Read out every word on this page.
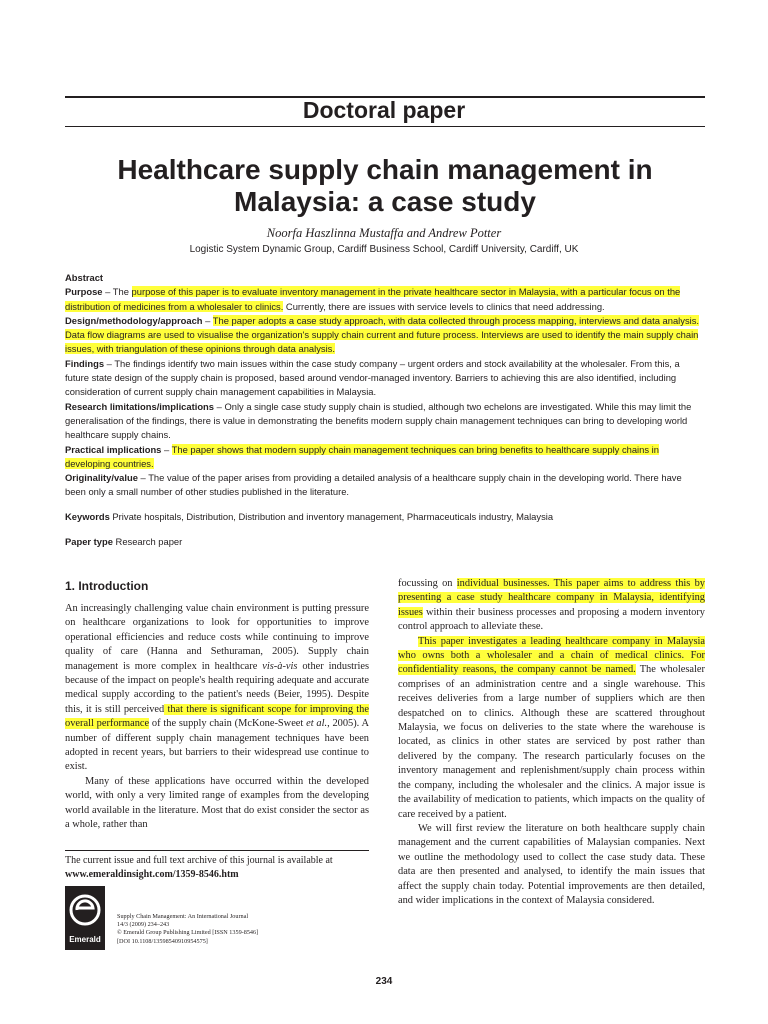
Doctoral paper
Healthcare supply chain management in Malaysia: a case study
Noorfa Haszlinna Mustaffa and Andrew Potter
Logistic System Dynamic Group, Cardiff Business School, Cardiff University, Cardiff, UK
Abstract

Purpose – The purpose of this paper is to evaluate inventory management in the private healthcare sector in Malaysia, with a particular focus on the distribution of medicines from a wholesaler to clinics. Currently, there are issues with service levels to clinics that need addressing.

Design/methodology/approach – The paper adopts a case study approach, with data collected through process mapping, interviews and data analysis. Data flow diagrams are used to visualise the organization's supply chain current and future process. Interviews are used to identify the main supply chain issues, with triangulation of these opinions through data analysis.

Findings – The findings identify two main issues within the case study company – urgent orders and stock availability at the wholesaler. From this, a future state design of the supply chain is proposed, based around vendor-managed inventory. Barriers to achieving this are also identified, including consideration of current supply chain management capabilities in Malaysia.

Research limitations/implications – Only a single case study supply chain is studied, although two echelons are investigated. While this may limit the generalisation of the findings, there is value in demonstrating the benefits modern supply chain management techniques can bring to developing world healthcare supply chains.

Practical implications – The paper shows that modern supply chain management techniques can bring benefits to healthcare supply chains in developing countries.

Originality/value – The value of the paper arises from providing a detailed analysis of a healthcare supply chain in the developing world. There have been only a small number of other studies published in the literature.

Keywords Private hospitals, Distribution, Distribution and inventory management, Pharmaceuticals industry, Malaysia
Paper type Research paper
1. Introduction

An increasingly challenging value chain environment is putting pressure on healthcare organizations to look for opportunities to improve operational efficiencies and reduce costs while continuing to improve quality of care (Hanna and Sethuraman, 2005). Supply chain management is more complex in healthcare vis-à-vis other industries because of the impact on people's health requiring adequate and accurate medical supply according to the patient's needs (Beier, 1995). Despite this, it is still perceived that there is significant scope for improving the overall performance of the supply chain (McKone-Sweet et al., 2005). A number of different supply chain management techniques have been adopted in recent years, but barriers to their widespread use continue to exist.

Many of these applications have occurred within the developed world, with only a very limited range of examples from the developing world available in the literature. Most that do exist consider the sector as a whole, rather than

focussing on individual businesses. This paper aims to address this by presenting a case study healthcare company in Malaysia, identifying issues within their business processes and proposing a modern inventory control approach to alleviate these.

This paper investigates a leading healthcare company in Malaysia who owns both a wholesaler and a chain of medical clinics. For confidentiality reasons, the company cannot be named. The wholesaler comprises of an administration centre and a single warehouse. This receives deliveries from a large number of suppliers which are then despatched on to clinics. Although these are scattered throughout Malaysia, we focus on deliveries to the state where the warehouse is located, as clinics in other states are serviced by post rather than delivered by the company. The research particularly focuses on the inventory management and replenishment/supply chain process within the company, including the wholesaler and the clinics. A major issue is the availability of medication to patients, which impacts on the quality of care received by a patient.

We will first review the literature on both healthcare supply chain management and the current capabilities of Malaysian companies. Next we outline the methodology used to collect the case study data. These data are then presented and analysed, to identify the main issues that affect the supply chain today. Potential improvements are then detailed, and wider implications in the context of Malaysia considered.

The current issue and full text archive of this journal is available at
www.emeraldinsight.com/1359-8546.htm
Emerald
Supply Chain Management: An International Journal
14/3 (2009) 234–243
© Emerald Group Publishing Limited [ISSN 1359-8546]
[DOI 10.1108/13598540910954575]
234
